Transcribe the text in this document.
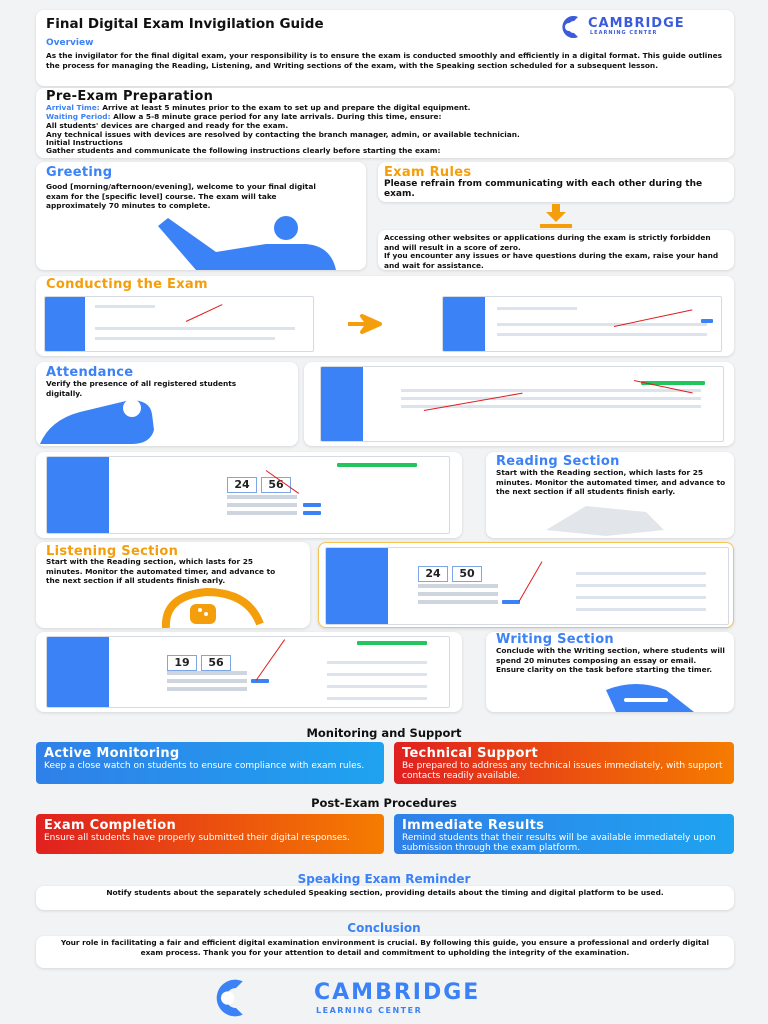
Final Digital Exam Invigilation Guide	CAMBRIDGE
LEARNING CENTER
Overview
As the invigilator for the final digital exam, your responsibility is to ensure the exam is conducted smoothly and efficiently in a digital format. This guide outlines the process for managing the Reading, Listening, and Writing sections of the exam, with the Speaking section scheduled for a subsequent lesson.
Pre-Exam Preparation
Arrival Time: Arrive at least 5 minutes prior to the exam to set up and prepare the digital equipment.
Waiting Period: Allow a 5-8 minute grace period for any late arrivals. During this time, ensure:
All students' devices are charged and ready for the exam.
Any technical issues with devices are resolved by contacting the branch manager, admin, or available technician.
Initial Instructions
Gather students and communicate the following instructions clearly before starting the exam:
Greeting
Good [morning/afternoon/evening], welcome to your final digital exam for the [specific level] course. The exam will take approximately 70 minutes to complete.
Exam Rules
Please refrain from communicating with each other during the exam.
Accessing other websites or applications during the exam is strictly forbidden and will result in a score of zero.
If you encounter any issues or have questions during the exam, raise your hand and wait for assistance.
Conducting the Exam
Attendance
Verify the presence of all registered students digitally.
24	56
Reading Section
Start with the Reading section, which lasts for 25 minutes. Monitor the automated timer, and advance to the next section if all students finish early.
Listening Section
Start with the Reading section, which lasts for 25 minutes. Monitor the automated timer, and advance to the next section if all students finish early.
24	50
19	56
Writing Section
Conclude with the Writing section, where students will spend 20 minutes composing an essay or email. Ensure clarity on the task before starting the timer.
Monitoring and Support
Active Monitoring
Keep a close watch on students to ensure compliance with exam rules.
Technical Support
Be prepared to address any technical issues immediately, with support contacts readily available.
Post-Exam Procedures
Exam Completion
Ensure all students have properly submitted their digital responses.
Immediate Results
Remind students that their results will be available immediately upon submission through the exam platform.
Speaking Exam Reminder
Notify students about the separately scheduled Speaking section, providing details about the timing and digital platform to be used.
Conclusion
Your role in facilitating a fair and efficient digital examination environment is crucial. By following this guide, you ensure a professional and orderly digital exam process. Thank you for your attention to detail and commitment to upholding the integrity of the examination.
CAMBRIDGE
LEARNING CENTER
